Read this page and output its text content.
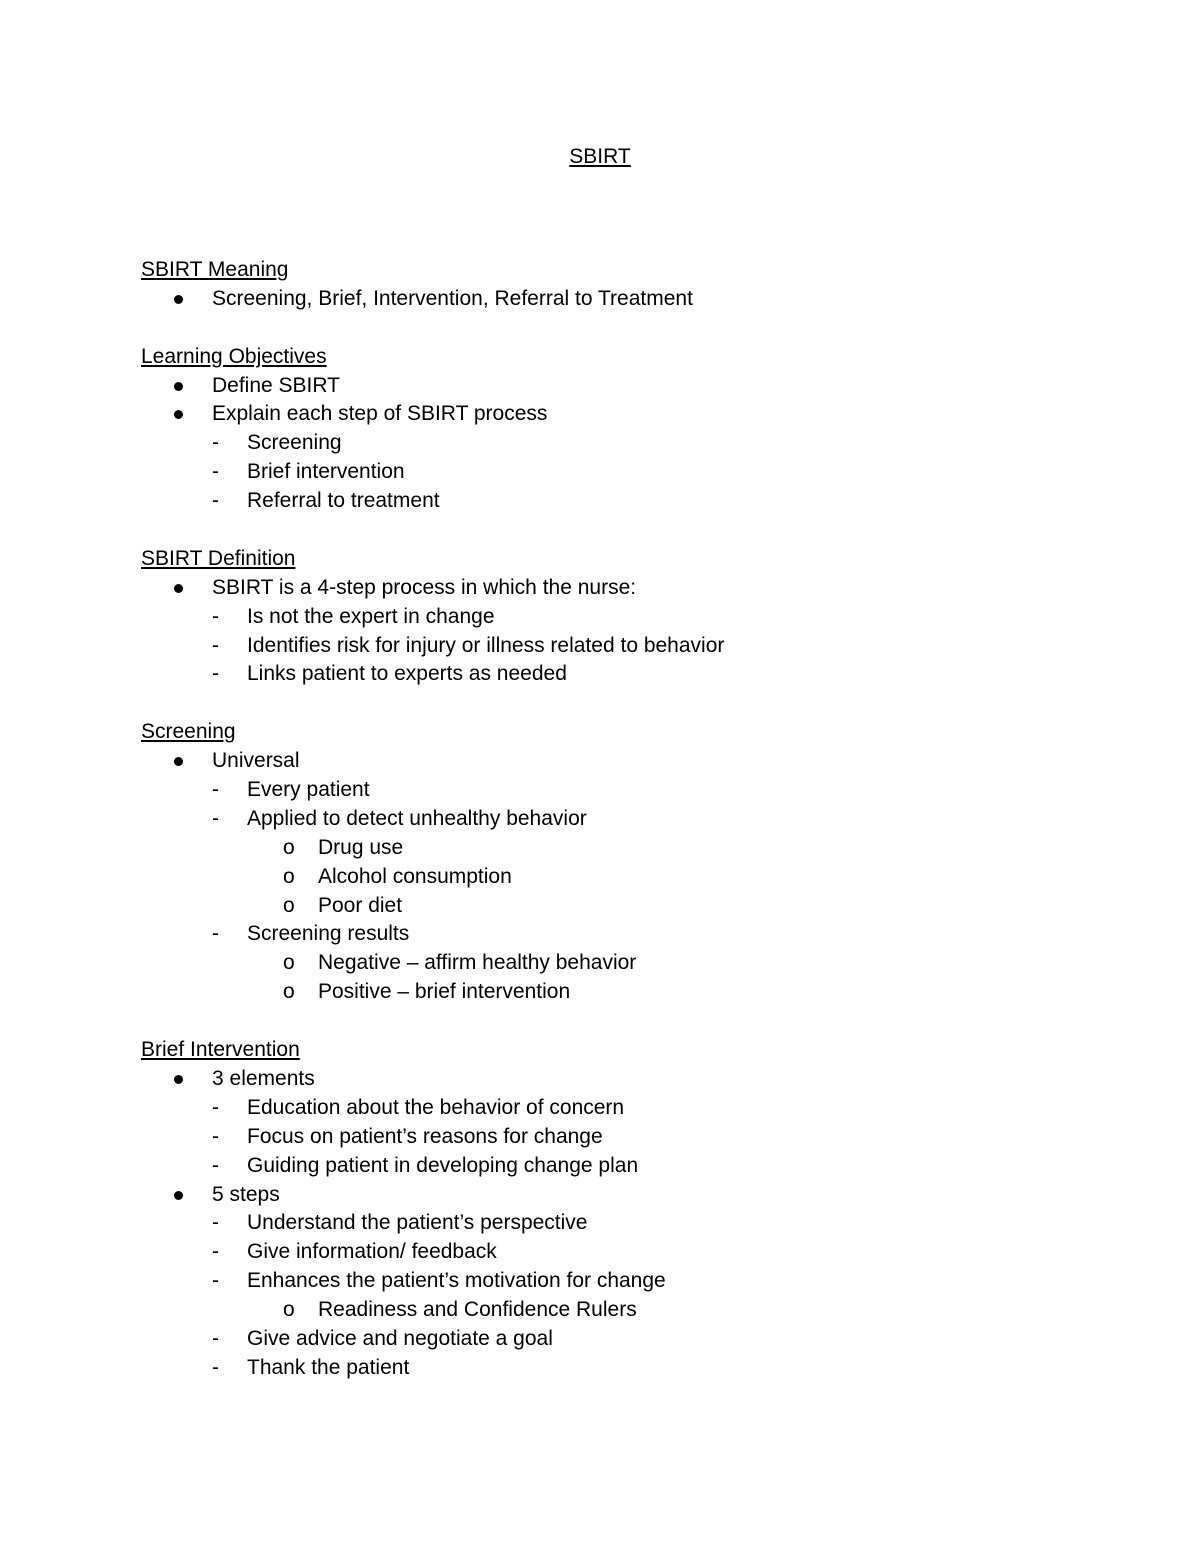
SBIRT
SBIRT Meaning
Screening, Brief, Intervention, Referral to Treatment
Learning Objectives
Define SBIRT
Explain each step of SBIRT process
- Screening
- Brief intervention
- Referral to treatment
SBIRT Definition
SBIRT is a 4-step process in which the nurse:
- Is not the expert in change
- Identifies risk for injury or illness related to behavior
- Links patient to experts as needed
Screening
Universal
- Every patient
- Applied to detect unhealthy behavior
o Drug use
o Alcohol consumption
o Poor diet
- Screening results
o Negative – affirm healthy behavior
o Positive – brief intervention
Brief Intervention
3 elements
- Education about the behavior of concern
- Focus on patient’s reasons for change
- Guiding patient in developing change plan
5 steps
- Understand the patient’s perspective
- Give information/ feedback
- Enhances the patient’s motivation for change
o Readiness and Confidence Rulers
- Give advice and negotiate a goal
- Thank the patient
